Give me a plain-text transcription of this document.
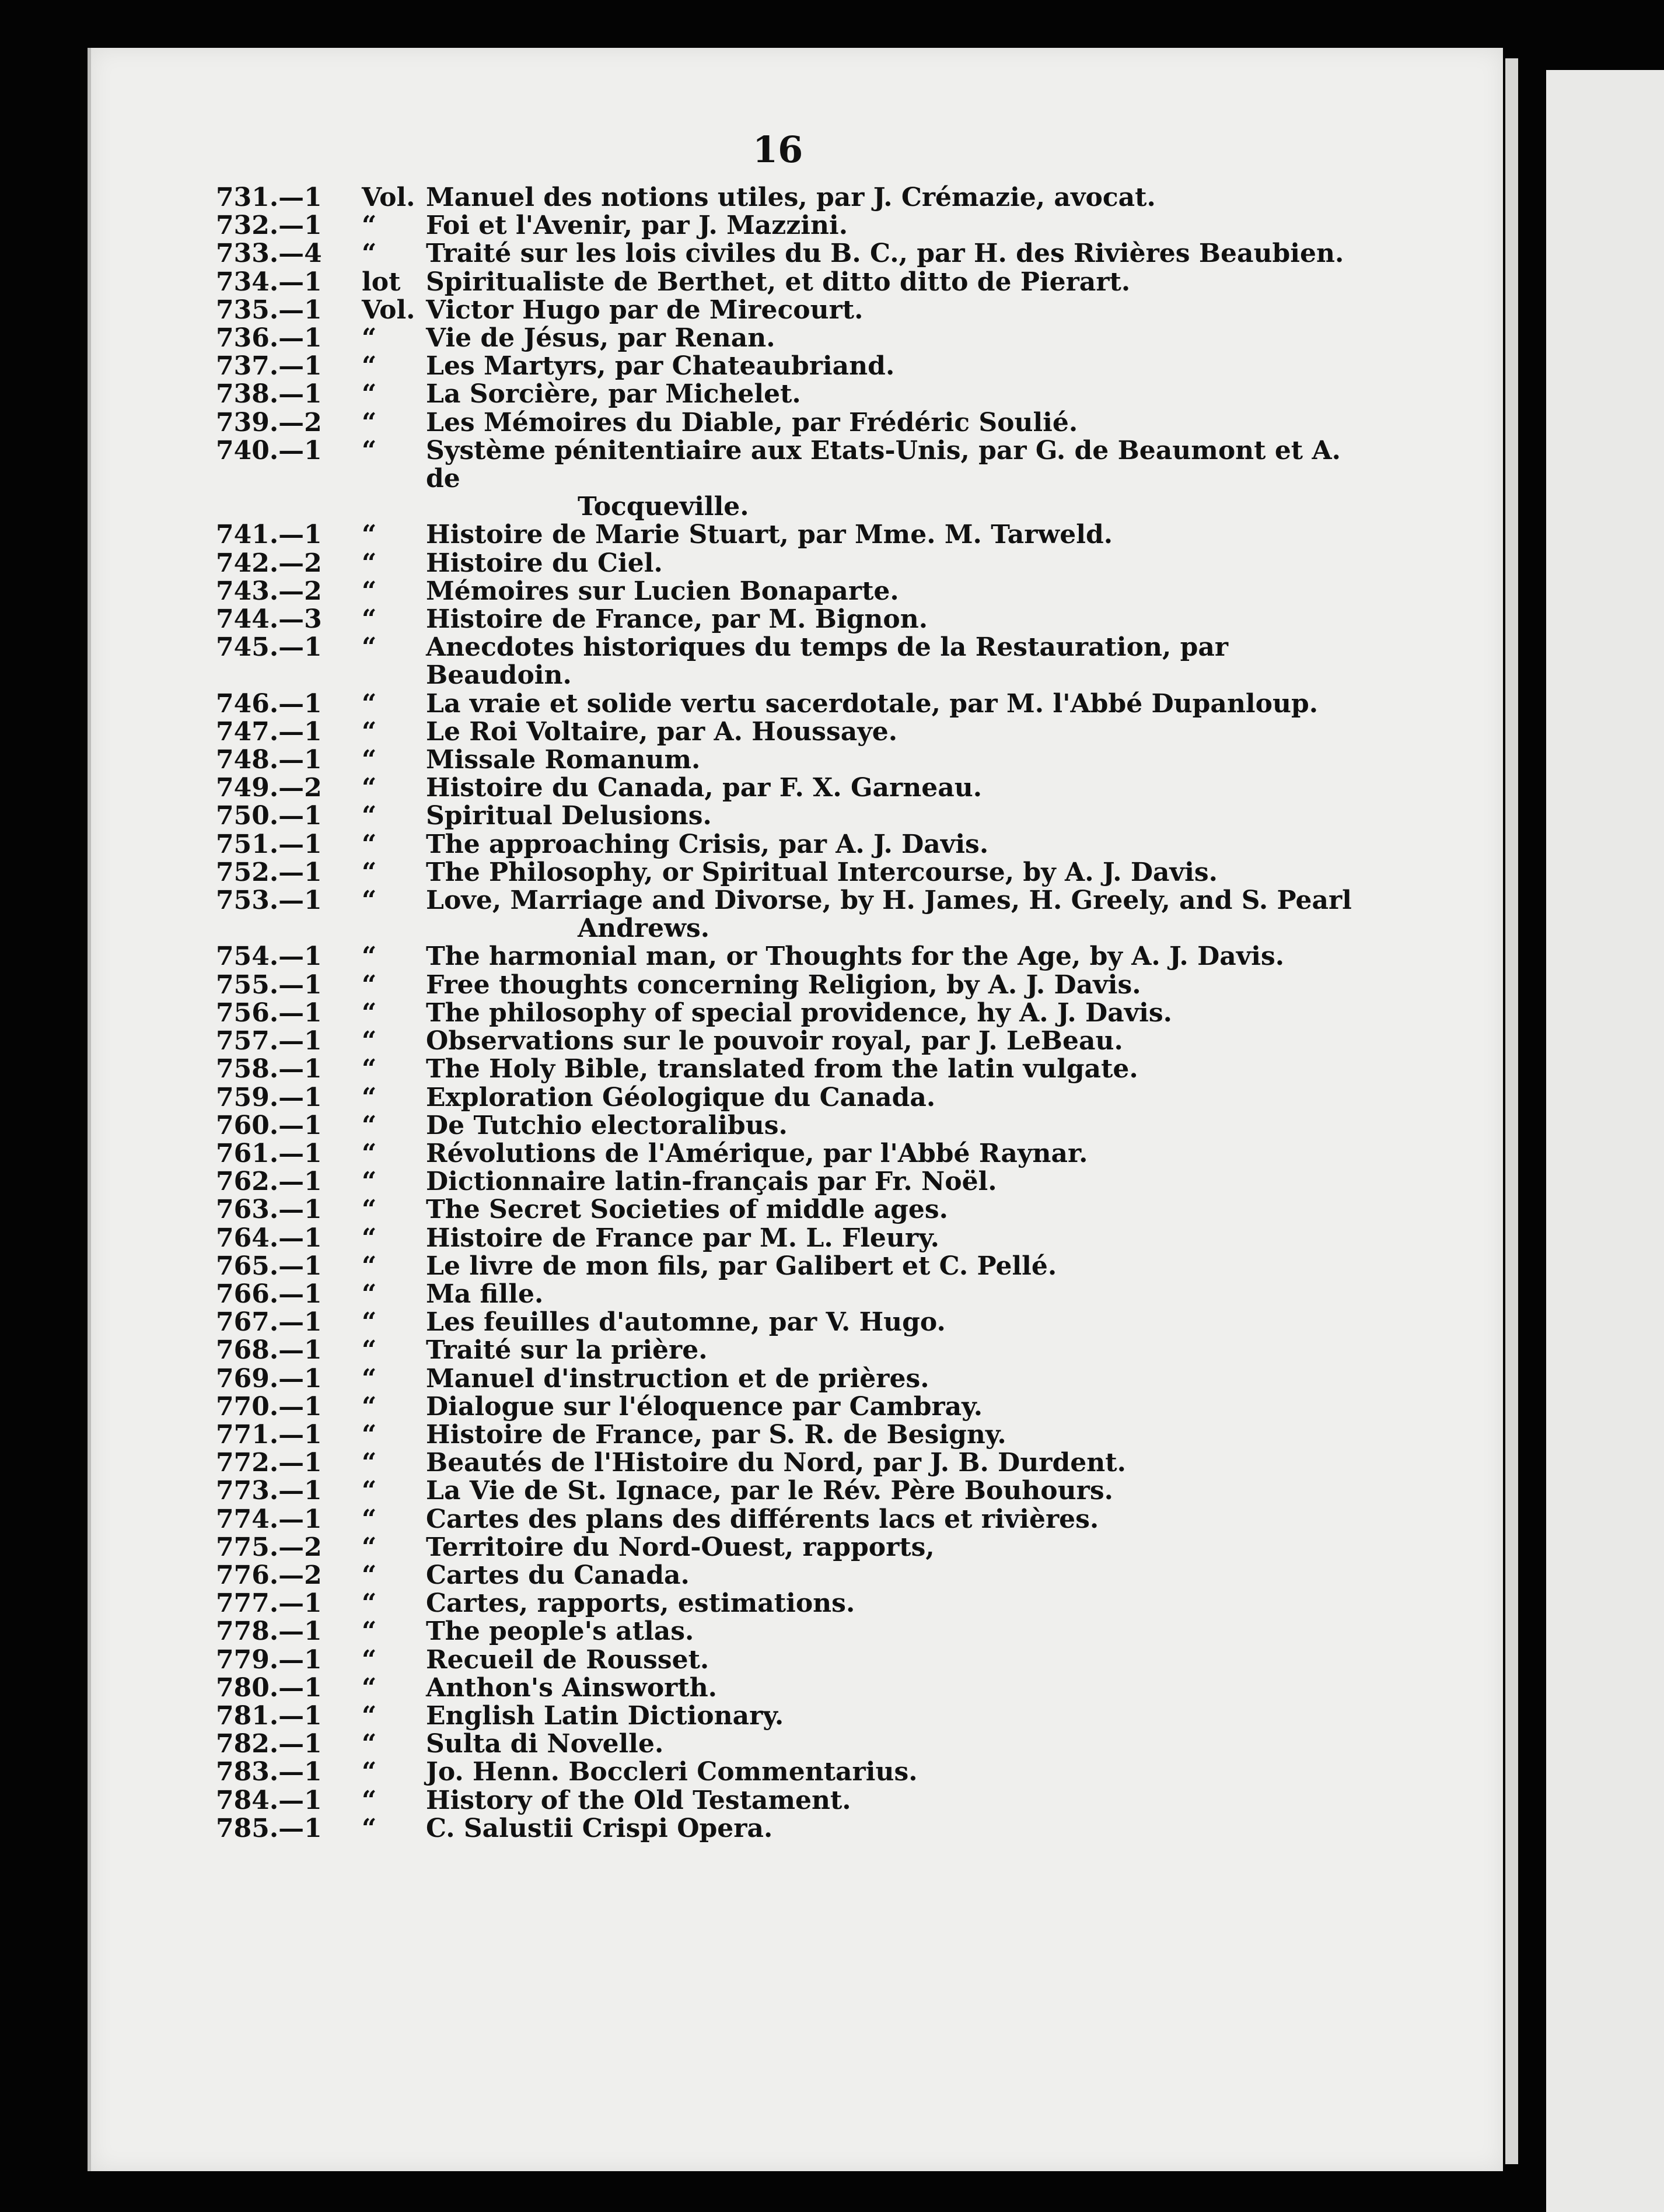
16
731.—1 Vol. Manuel des notions utiles, par J. Crémazie, avocat.
732.—1 “ Foi et l'Avenir, par J. Mazzini.
733.—4 “ Traité sur les lois civiles du B. C., par H. des Rivières Beaubien.
734.—1 lot Spiritualiste de Berthet, et ditto ditto de Pierart.
735.—1 Vol. Victor Hugo par de Mirecourt.
736.—1 “ Vie de Jésus, par Renan.
737.—1 “ Les Martyrs, par Chateaubriand.
738.—1 “ La Sorcière, par Michelet.
739.—2 “ Les Mémoires du Diable, par Frédéric Soulié.
740.—1 “ Système pénitentiaire aux Etats-Unis, par G. de Beaumont et A. de
Tocqueville.
741.—1 “ Histoire de Marie Stuart, par Mme. M. Tarweld.
742.—2 “ Histoire du Ciel.
743.—2 “ Mémoires sur Lucien Bonaparte.
744.—3 “ Histoire de France, par M. Bignon.
745.—1 “ Anecdotes historiques du temps de la Restauration, par Beaudoin.
746.—1 “ La vraie et solide vertu sacerdotale, par M. l'Abbé Dupanloup.
747.—1 “ Le Roi Voltaire, par A. Houssaye.
748.—1 “ Missale Romanum.
749.—2 “ Histoire du Canada, par F. X. Garneau.
750.—1 “ Spiritual Delusions.
751.—1 “ The approaching Crisis, par A. J. Davis.
752.—1 “ The Philosophy, or Spiritual Intercourse, by A. J. Davis.
753.—1 “ Love, Marriage and Divorse, by H. James, H. Greely, and S. Pearl
Andrews.
754.—1 “ The harmonial man, or Thoughts for the Age, by A. J. Davis.
755.—1 “ Free thoughts concerning Religion, by A. J. Davis.
756.—1 “ The philosophy of special providence, hy A. J. Davis.
757.—1 “ Observations sur le pouvoir royal, par J. LeBeau.
758.—1 “ The Holy Bible, translated from the latin vulgate.
759.—1 “ Exploration Géologique du Canada.
760.—1 “ De Tutchio electoralibus.
761.—1 “ Révolutions de l'Amérique, par l'Abbé Raynar.
762.—1 “ Dictionnaire latin-français par Fr. Noël.
763.—1 “ The Secret Societies of middle ages.
764.—1 “ Histoire de France par M. L. Fleury.
765.—1 “ Le livre de mon fils, par Galibert et C. Pellé.
766.—1 “ Ma fille.
767.—1 “ Les feuilles d'automne, par V. Hugo.
768.—1 “ Traité sur la prière.
769.—1 “ Manuel d'instruction et de prières.
770.—1 “ Dialogue sur l'éloquence par Cambray.
771.—1 “ Histoire de France, par S. R. de Besigny.
772.—1 “ Beautés de l'Histoire du Nord, par J. B. Durdent.
773.—1 “ La Vie de St. Ignace, par le Rév. Père Bouhours.
774.—1 “ Cartes des plans des différents lacs et rivières.
775.—2 “ Territoire du Nord-Ouest, rapports,
776.—2 “ Cartes du Canada.
777.—1 “ Cartes, rapports, estimations.
778.—1 “ The people's atlas.
779.—1 “ Recueil de Rousset.
780.—1 “ Anthon's Ainsworth.
781.—1 “ English Latin Dictionary.
782.—1 “ Sulta di Novelle.
783.—1 “ Jo. Henn. Boccleri Commentarius.
784.—1 “ History of the Old Testament.
785.—1 “ C. Salustii Crispi Opera.
